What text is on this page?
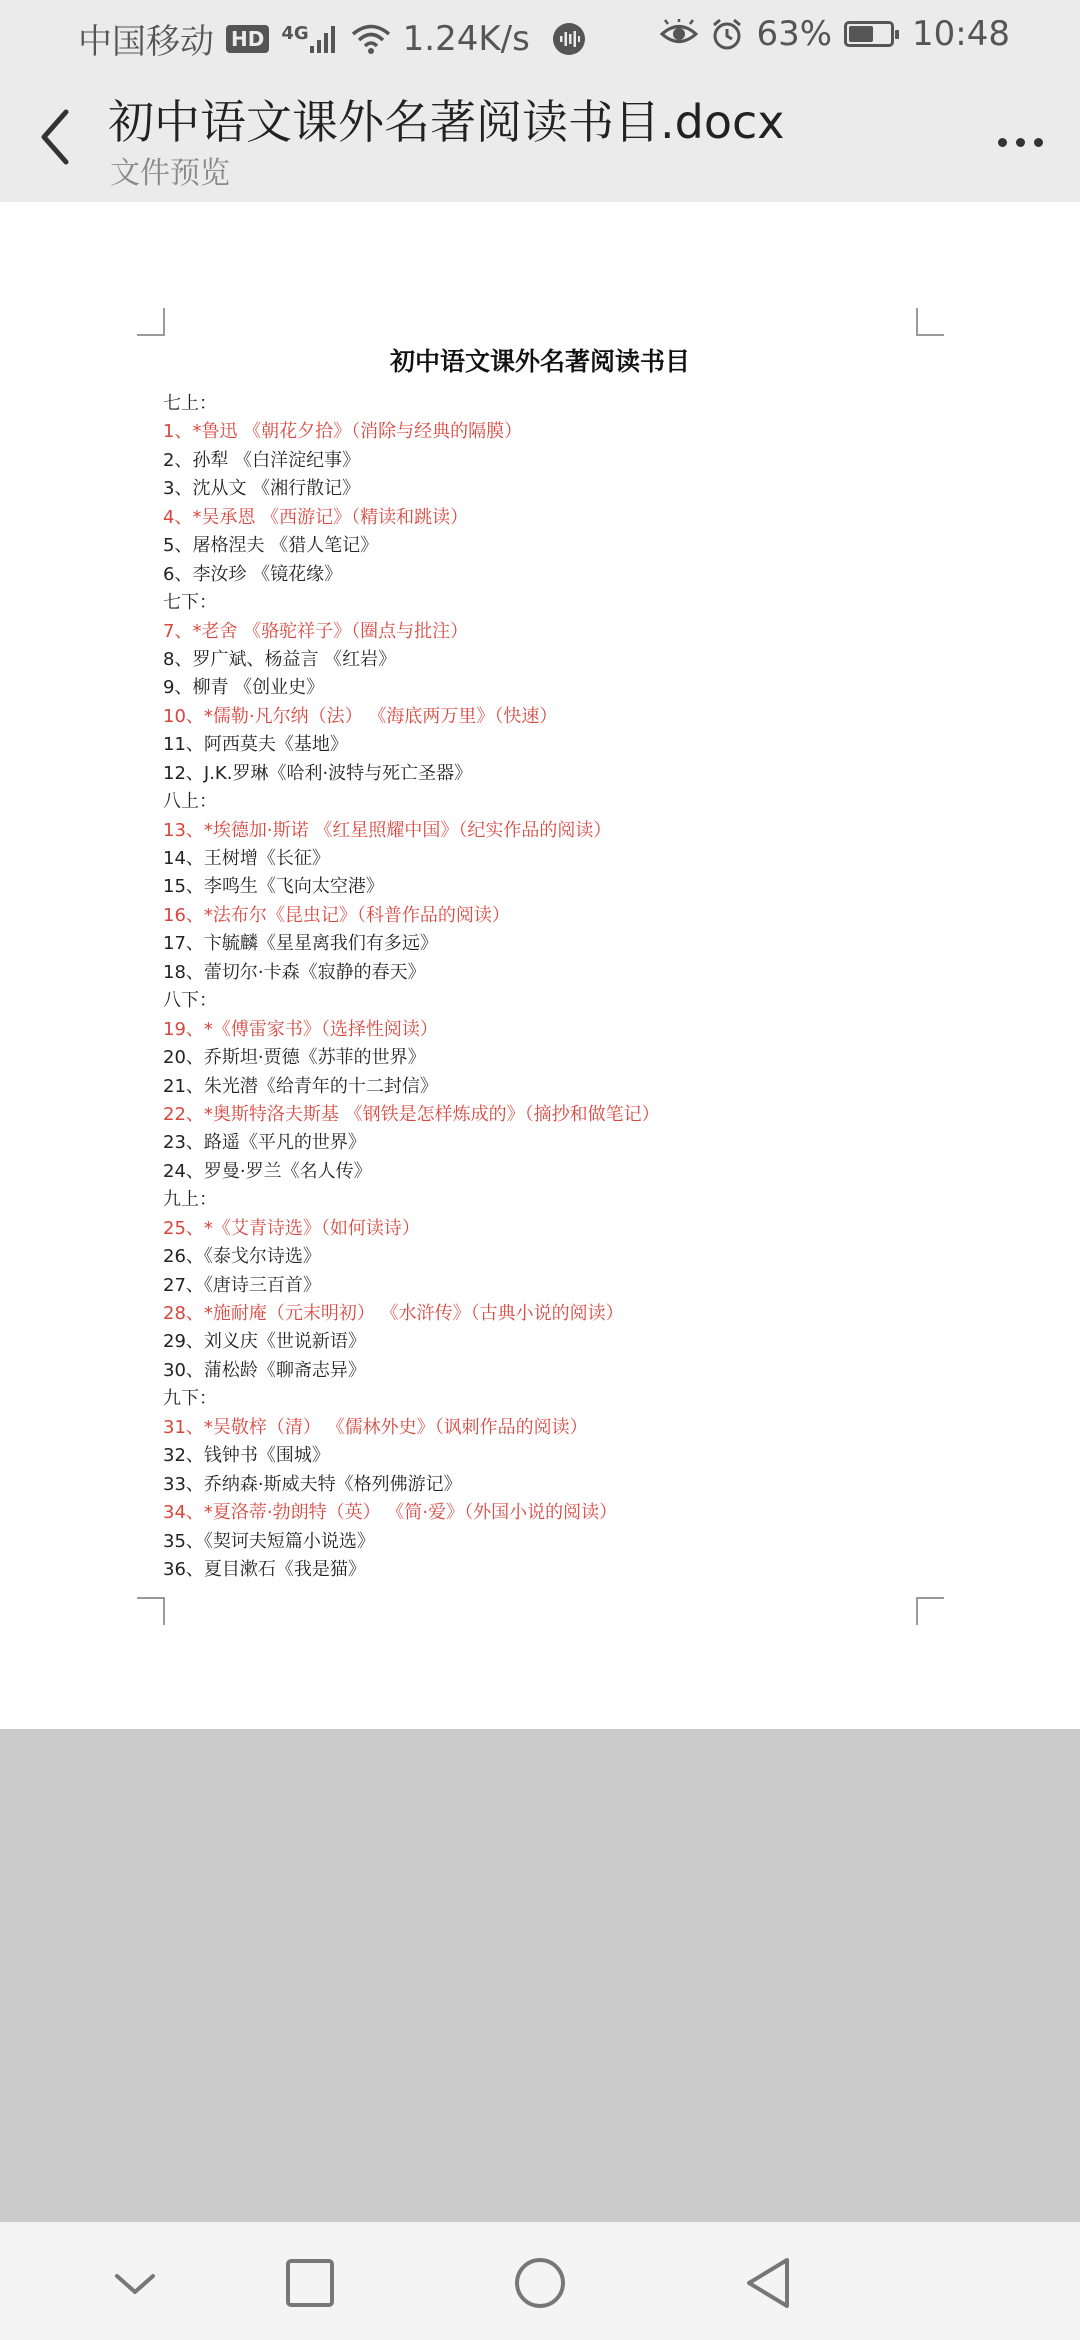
中国移动 HD 4G	1.24K/s	63% 10:48
初中语文课外名著阅读书目.docx
文件预览
初中语文课外名著阅读书目
七上：
1、*鲁迅 《朝花夕拾》（消除与经典的隔膜）
2、孙犁 《白洋淀纪事》
3、沈从文 《湘行散记》
4、*吴承恩 《西游记》（精读和跳读）
5、屠格涅夫 《猎人笔记》
6、李汝珍 《镜花缘》
七下：
7、*老舍 《骆驼祥子》（圈点与批注）
8、罗广斌、杨益言 《红岩》
9、柳青 《创业史》
10、*儒勒·凡尔纳（法） 《海底两万里》（快速）
11、阿西莫夫《基地》
12、J.K.罗琳《哈利·波特与死亡圣器》
八上：
13、*埃德加·斯诺 《红星照耀中国》（纪实作品的阅读）
14、王树增《长征》
15、李鸣生《飞向太空港》
16、*法布尔《昆虫记》（科普作品的阅读）
17、卞毓麟《星星离我们有多远》
18、蕾切尔·卡森《寂静的春天》
八下：
19、*《傅雷家书》（选择性阅读）
20、乔斯坦·贾德《苏菲的世界》
21、朱光潜《给青年的十二封信》
22、*奥斯特洛夫斯基 《钢铁是怎样炼成的》（摘抄和做笔记）
23、路遥《平凡的世界》
24、罗曼·罗兰《名人传》
九上：
25、*《艾青诗选》（如何读诗）
26、《泰戈尔诗选》
27、《唐诗三百首》
28、*施耐庵（元末明初） 《水浒传》（古典小说的阅读）
29、刘义庆《世说新语》
30、蒲松龄《聊斋志异》
九下：
31、*吴敬梓（清） 《儒林外史》（讽刺作品的阅读）
32、钱钟书《围城》
33、乔纳森·斯威夫特《格列佛游记》
34、*夏洛蒂·勃朗特（英） 《简·爱》（外国小说的阅读）
35、《契诃夫短篇小说选》
36、夏目漱石《我是猫》
